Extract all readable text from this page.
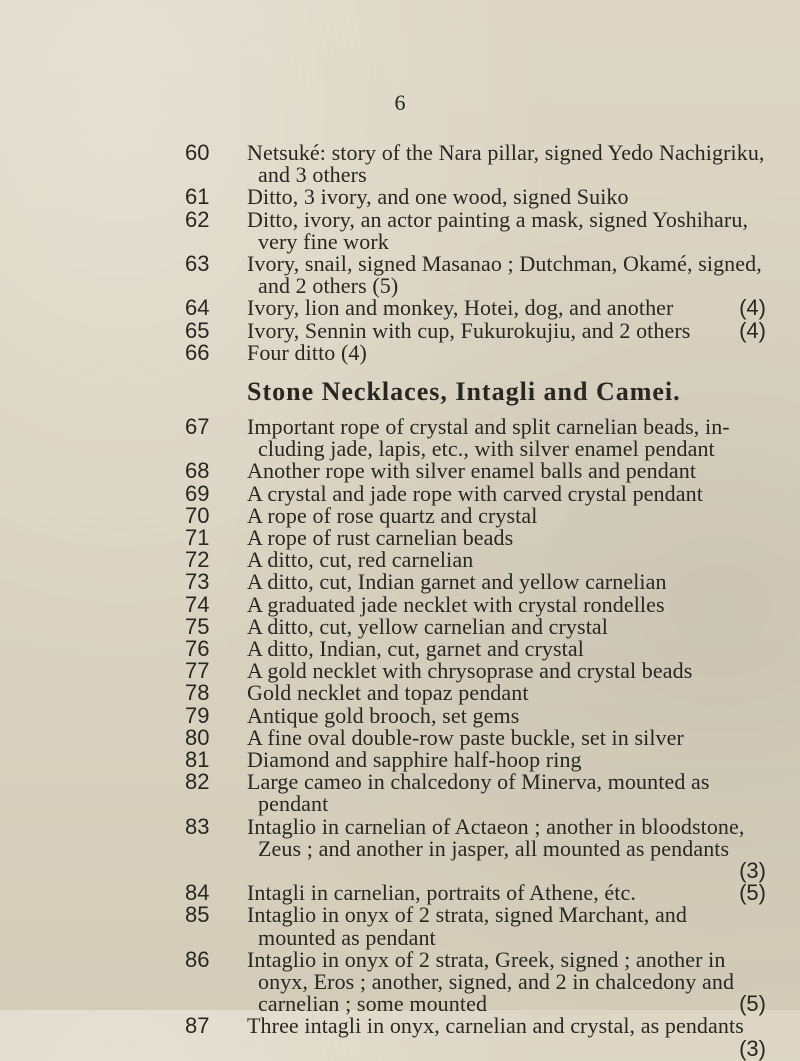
6
60	Netsuké: story of the Nara pillar, signed Yedo Nachigriku,
and 3 others
61	Ditto, 3 ivory, and one wood, signed Suiko
62	Ditto, ivory, an actor painting a mask, signed Yoshiharu,
very fine work
63	Ivory, snail, signed Masanao ; Dutchman, Okamé, signed,
and 2 others (5)
64	Ivory, lion and monkey, Hotei, dog, and another	(4)
65	Ivory, Sennin with cup, Fukurokujiu, and 2 others	(4)
66	Four ditto (4)
Stone Necklaces, Intagli and Camei.
67	Important rope of crystal and split carnelian beads, in-
cluding jade, lapis, etc., with silver enamel pendant
68	Another rope with silver enamel balls and pendant
69	A crystal and jade rope with carved crystal pendant
70	A rope of rose quartz and crystal
71	A rope of rust carnelian beads
72	A ditto, cut, red carnelian
73	A ditto, cut, Indian garnet and yellow carnelian
74	A graduated jade necklet with crystal rondelles
75	A ditto, cut, yellow carnelian and crystal
76	A ditto, Indian, cut, garnet and crystal
77	A gold necklet with chrysoprase and crystal beads
78	Gold necklet and topaz pendant
79	Antique gold brooch, set gems
80	A fine oval double-row paste buckle, set in silver
81	Diamond and sapphire half-hoop ring
82	Large cameo in chalcedony of Minerva, mounted as
pendant
83	Intaglio in carnelian of Actaeon ; another in bloodstone,
Zeus ; and another in jasper, all mounted as pendants
(3)
84	Intagli in carnelian, portraits of Athene, étc.	(5)
85	Intaglio in onyx of 2 strata, signed Marchant, and
mounted as pendant
86	Intaglio in onyx of 2 strata, Greek, signed ; another in
onyx, Eros ; another, signed, and 2 in chalcedony and
carnelian ; some mounted	(5)
87	Three intagli in onyx, carnelian and crystal, as pendants
(3)
